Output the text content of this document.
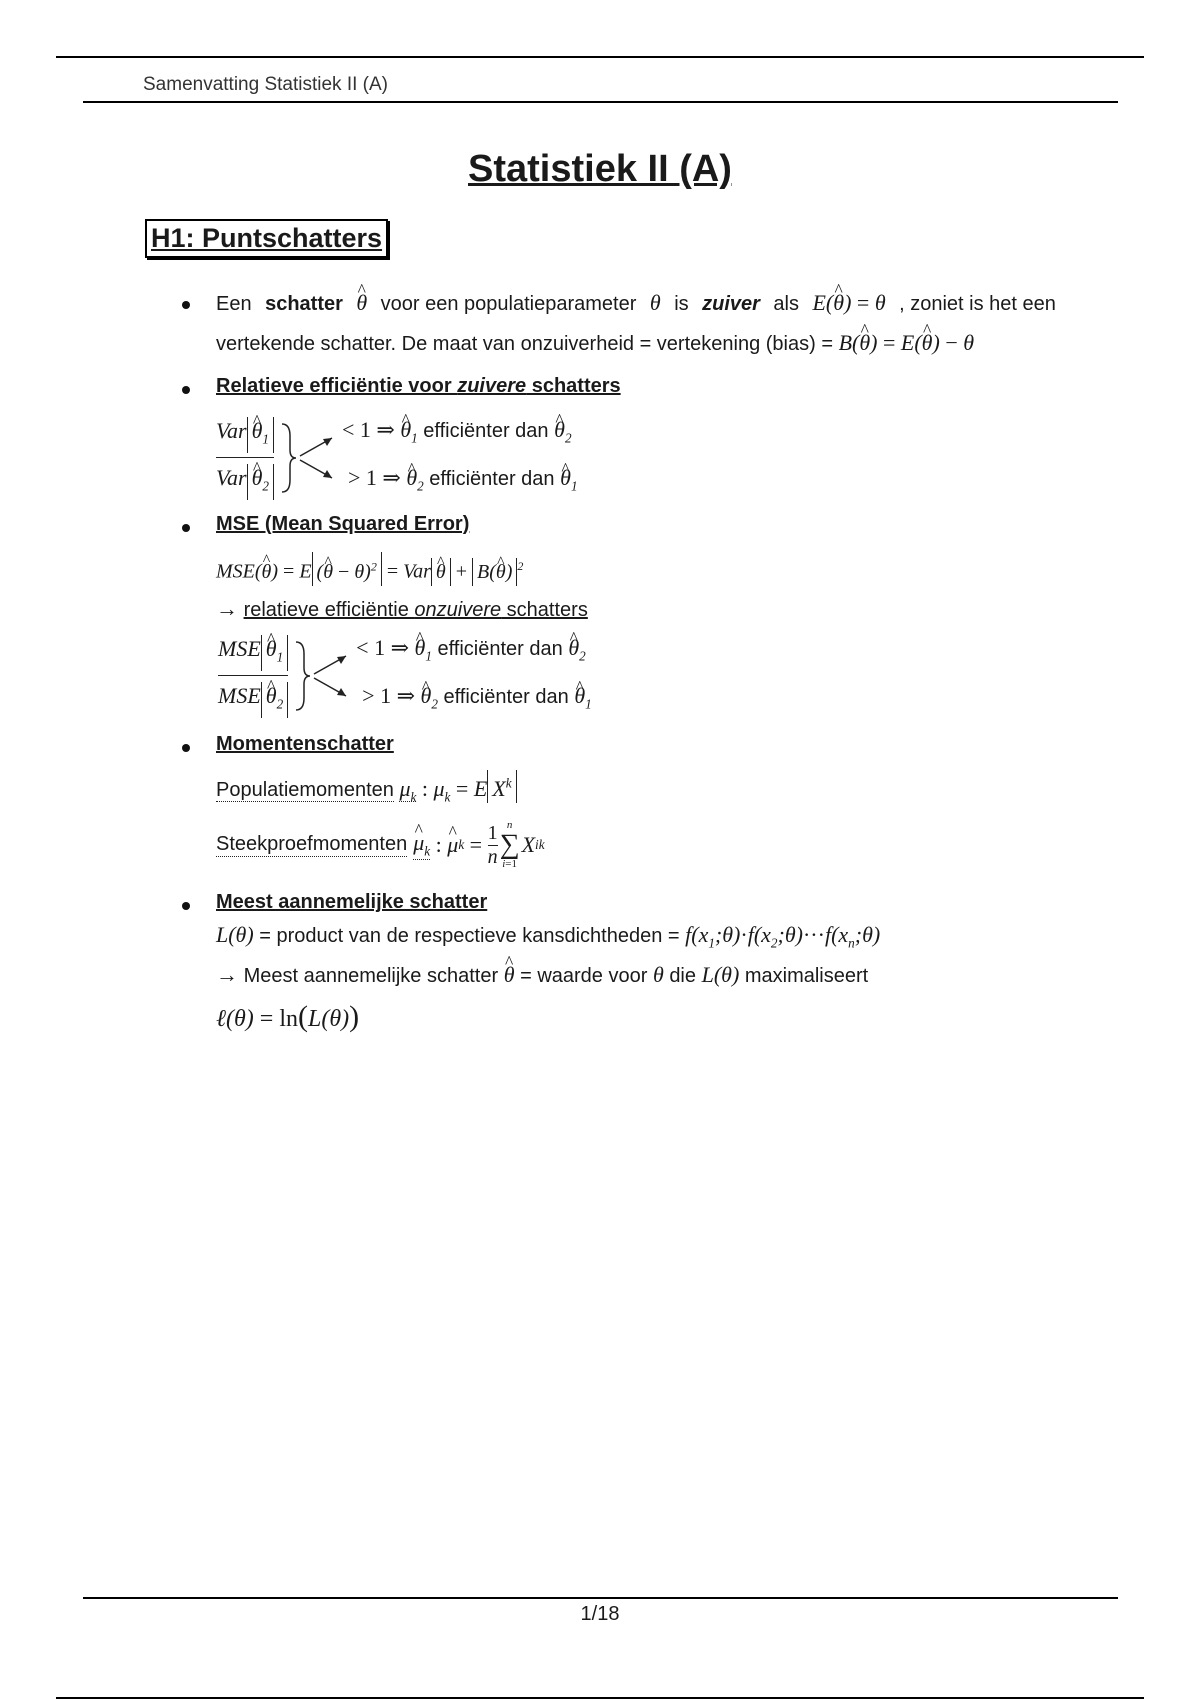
Samenvatting Statistiek II (A)
Statistiek II (A)
H1: Puntschatters
Een schatter θ ^ voor een populatieparameter θ is zuiver als E(θ ^) = θ , zoniet is het een
vertekende schatter. De maat van onzuiverheid = vertekening (bias) = B(θ ^) = E(θ ^) − θ
Relatieve efficiëntie voor zuivere schatters
$\frac{Var \theta \^{}_1}{Var \theta \^{}_2}$	< 1 ⇒ θ $\^{}_1$ efficiënter dan θ $\^{}_2$
> 1 ⇒ θ $\^{}_2$ efficiënter dan θ $\^{}_1$
MSE (Mean Squared Error)
MSE(θ ^) = E (θ ^ − θ)$^2$ = Var θ ^ + B(θ ^) $^2$
→ relatieve efficiëntie onzuivere schatters
$\frac{MSE \theta \^{}_1}{MSE \theta \^{}_2}$	< 1 ⇒ θ $\^{}_1$ efficiënter dan θ $\^{}_2$
> 1 ⇒ θ $\^{}_2$ efficiënter dan θ $\^{}_1$
Momentenschatter
Populatiemomenten $\mu_k$ : $\mu_k = E$ $X^k$
Steekproefmomenten μ $\^{}_k$
:
μ ^ k
=
$\frac{1}{n}$ n
∑
i=1
X i k
Meest aannemelijke schatter
L(θ) = product van de respectieve kansdichtheden = $f(x_1;\theta)\cdot f(x_2;\theta)\cdot\cdot\cdot f(x_n;\theta)$
→ Meest aannemelijke schatter θ ^ = waarde voor θ die L(θ) maximaliseert
ℓ(θ) = ln(L(θ))
1/18
